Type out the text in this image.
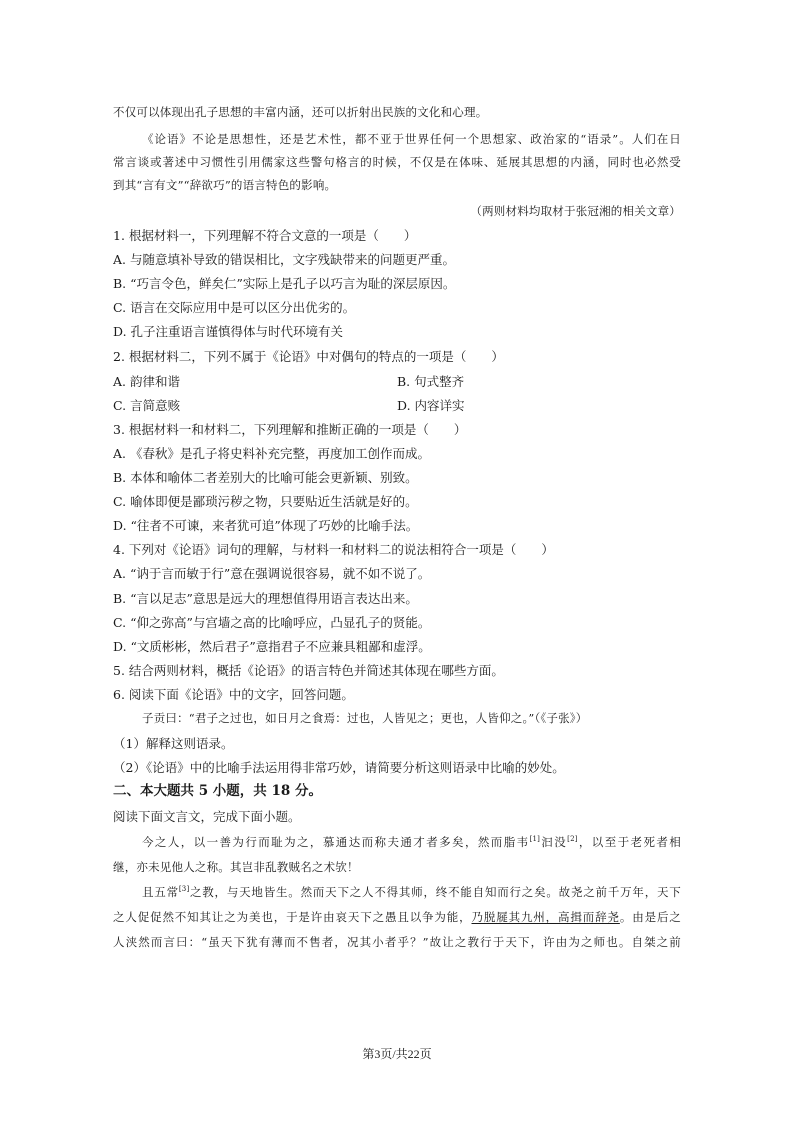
不仅可以体现出孔子思想的丰富内涵，还可以折射出民族的文化和心理。
《论语》不论是思想性，还是艺术性，都不亚于世界任何一个思想家、政治家的“语录”。人们在日
常言谈或著述中习惯性引用儒家这些警句格言的时候，不仅是在体味、延展其思想的内涵，同时也必然受
到其“言有文”“辞欲巧”的语言特色的影响。
（两则材料均取材于张冠湘的相关文章）
1. 根据材料一，下列理解不符合文意的一项是（　　）
A. 与随意填补导致的错误相比，文字残缺带来的问题更严重。
B. “巧言令色，鲜矣仁”实际上是孔子以巧言为耻的深层原因。
C. 语言在交际应用中是可以区分出优劣的。
D. 孔子注重语言谨慎得体与时代环境有关
2. 根据材料二，下列不属于《论语》中对偶句的特点的一项是（　　）
A. 韵律和谐	B. 句式整齐
C. 言简意赅	D. 内容详实
3. 根据材料一和材料二，下列理解和推断正确的一项是（　　）
A. 《春秋》是孔子将史料补充完整，再度加工创作而成。
B. 本体和喻体二者差别大的比喻可能会更新颖、别致。
C. 喻体即便是鄙琐污秽之物，只要贴近生活就是好的。
D. “往者不可谏，来者犹可追”体现了巧妙的比喻手法。
4. 下列对《论语》词句的理解，与材料一和材料二的说法相符合一项是（　　）
A. “讷于言而敏于行”意在强调说很容易，就不如不说了。
B. “言以足志”意思是远大的理想值得用语言表达出来。
C. “仰之弥高”与宫墙之高的比喻呼应，凸显孔子的贤能。
D. “文质彬彬，然后君子”意指君子不应兼具粗鄙和虚浮。
5. 结合两则材料，概括《论语》的语言特色并简述其体现在哪些方面。
6. 阅读下面《论语》中的文字，回答问题。
子贡曰：“君子之过也，如日月之食焉：过也，人皆见之；更也，人皆仰之。”（《子张》）
（1）解释这则语录。
（2）《论语》中的比喻手法运用得非常巧妙，请简要分析这则语录中比喻的妙处。
二、本大题共 5 小题，共 18 分。
阅读下面文言文，完成下面小题。
今之人，以一善为行而耻为之，慕通达而称夫通才者多矣，然而脂韦[1]汩没[2]，以至于老死者相
继，亦未见他人之称。其岂非乱教贼名之术欤！
且五常[3]之教，与天地皆生。然而天下之人不得其师，终不能自知而行之矣。故尧之前千万年，天下
之人促促然不知其让之为美也，于是许由哀天下之愚且以争为能，乃脱屣其九州，高揖而辞尧。由是后之
人浃然而言曰：“虽天下犹有薄而不售者，况其小者乎？”故让之教行于天下，许由为之师也。自桀之前
第3页/共22页
